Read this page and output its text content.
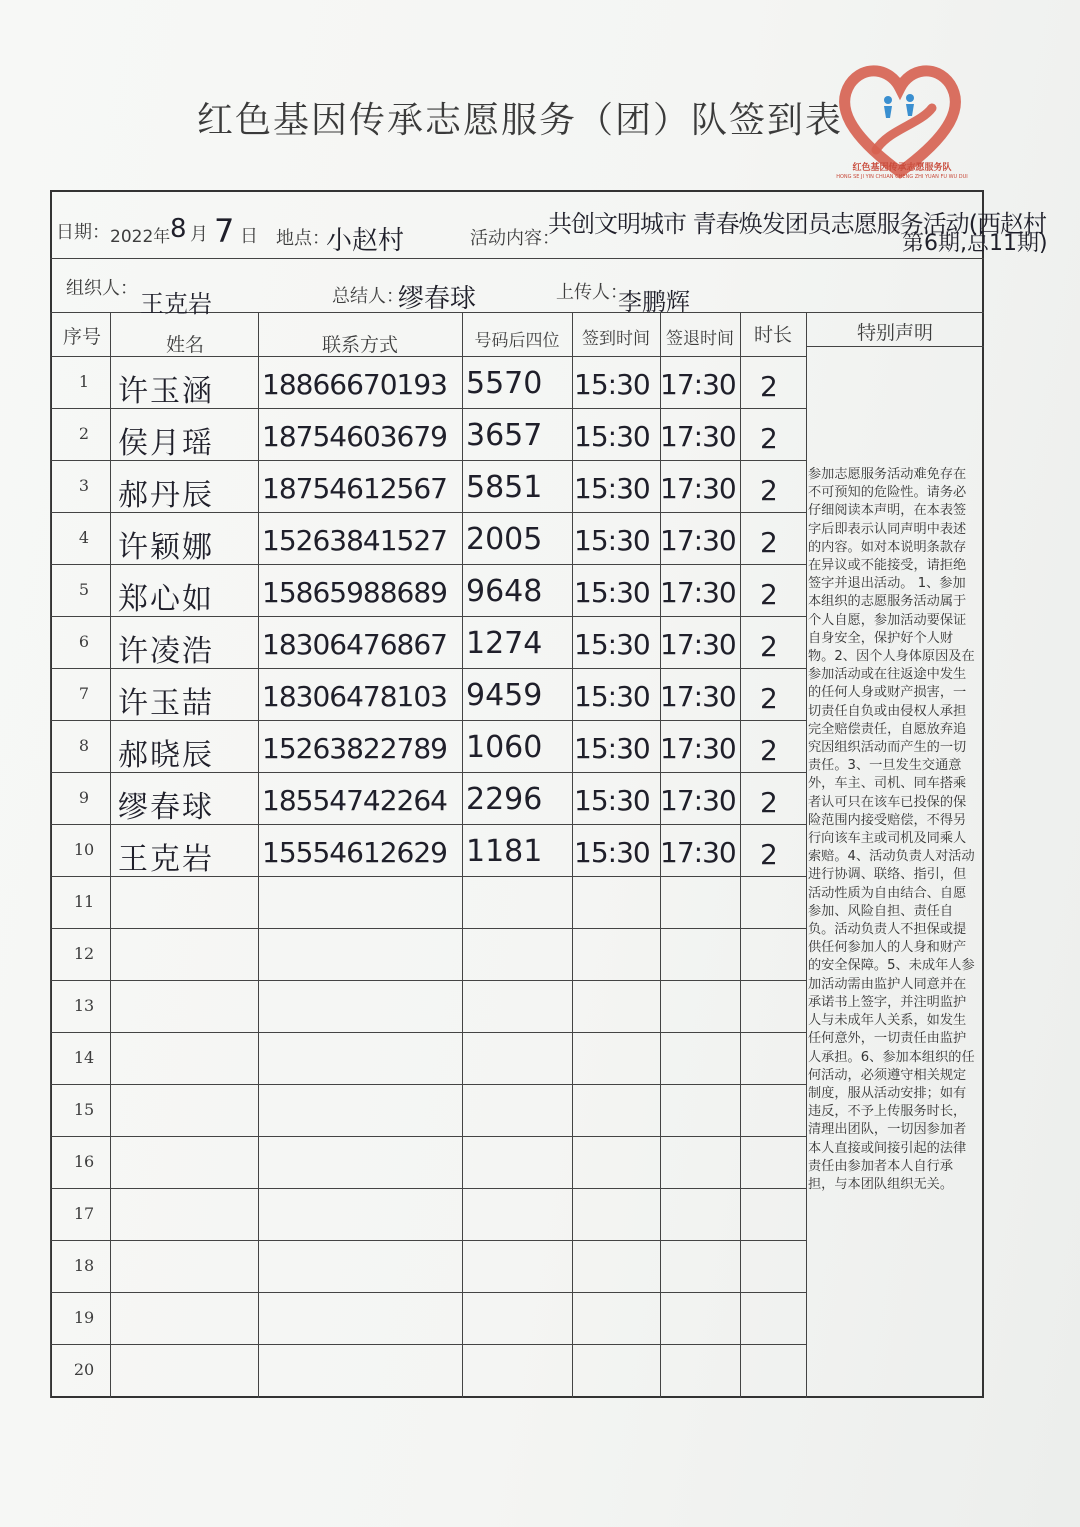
红色基因传承志愿服务（团）队签到表
红色基因传承志愿服务队
HONG SE JI YIN CHUAN CHENG ZHI YUAN FU WU DUI
日期： 2022年 8 月 7 日 地点：
小赵村	活动内容：
共创文明城市 青春焕发团员志愿服务活动(西赵村
第6期,总11期)
组织人：
王克岩	总结人：
缪春球	上传人：
李鹏辉
序号	姓名	联系方式	号码后四位	签到时间 签退时间	时长	特别声明
1 许玉涵 18866670193 5570 15:30 17:30 2
2 侯月瑶 18754603679 3657 15:30 17:30 2
3 郝丹辰 18754612567 5851 15:30 17:30 2
4 许颖娜 15263841527 2005 15:30 17:30 2
5 郑心如 15865988689 9648 15:30 17:30 2
6 许凌浩 18306476867 1274 15:30 17:30 2
7 许玉喆 18306478103 9459 15:30 17:30 2
8 郝晓辰 15263822789 1060 15:30 17:30 2
9 缪春球 18554742264 2296 15:30 17:30 2
10 王克岩 15554612629 1181 15:30 17:30 2
11
12
13
14
15
16
17
18
19
20
参加志愿服务活动难免存在不可预知的危险性。请务必仔细阅读本声明，在本表签字后即表示认同声明中表述的内容。如对本说明条款存在异议或不能接受，请拒绝签字并退出活动。 1、参加本组织的志愿服务活动属于个人自愿，参加活动要保证自身安全，保护好个人财物。2、因个人身体原因及在参加活动或在往返途中发生的任何人身或财产损害，一切责任自负或由侵权人承担完全赔偿责任，自愿放弃追究因组织活动而产生的一切责任。3、一旦发生交通意外，车主、司机、同车搭乘者认可只在该车已投保的保险范围内接受赔偿，不得另行向该车主或司机及同乘人索赔。4、活动负责人对活动进行协调、联络、指引，但活动性质为自由结合、自愿参加、风险自担、责任自负。活动负责人不担保或提供任何参加人的人身和财产的安全保障。5、未成年人参加活动需由监护人同意并在承诺书上签字，并注明监护人与未成年人关系，如发生任何意外，一切责任由监护人承担。6、参加本组织的任何活动，必须遵守相关规定制度，服从活动安排；如有违反，不予上传服务时长，清理出团队，一切因参加者本人直接或间接引起的法律责任由参加者本人自行承担，与本团队组织无关。
